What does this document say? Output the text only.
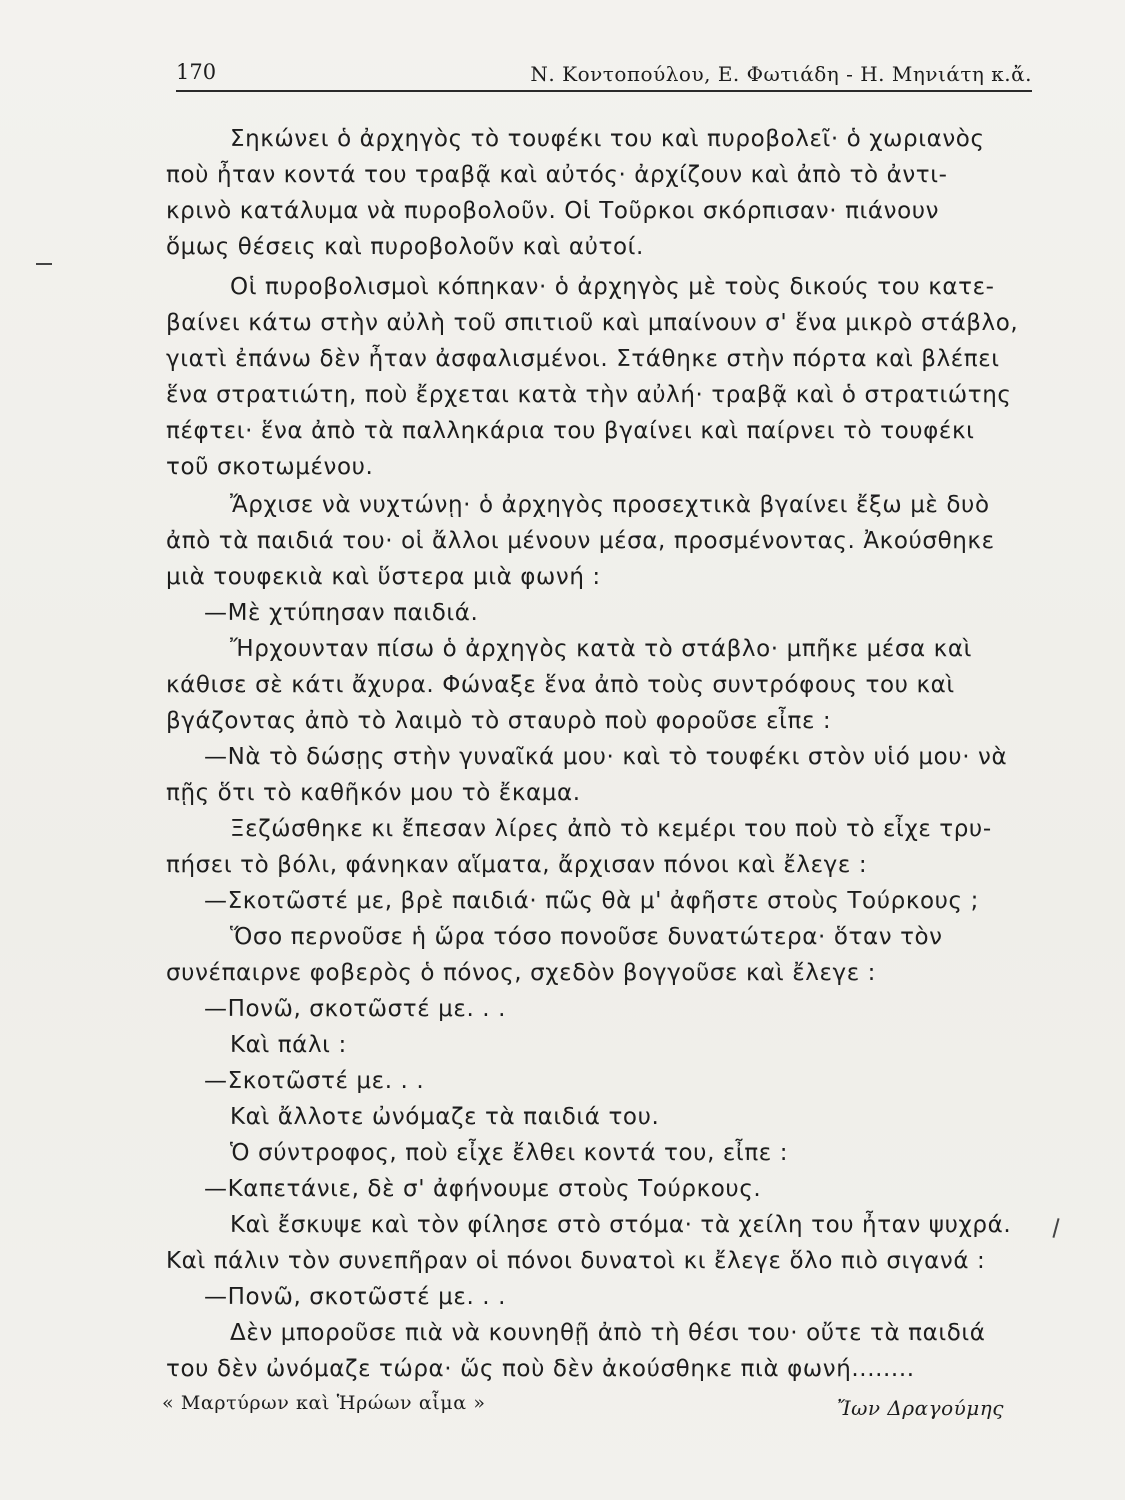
170	Ν. Κοντοπούλου, Ε. Φωτιάδη - Η. Μηνιάτη κ.ἄ.
Σηκώνει ὁ ἀρχηγὸς τὸ τουφέκι του καὶ πυροβολεῖ· ὁ χωριανὸς
ποὺ ἦταν κοντά του τραβᾷ καὶ αὐτός· ἀρχίζουν καὶ ἀπὸ τὸ ἀντι-
κρινὸ κατάλυμα νὰ πυροβολοῦν. Οἱ Τοῦρκοι σκόρπισαν· πιάνουν
ὅμως θέσεις καὶ πυροβολοῦν καὶ αὐτοί.
Οἱ πυροβολισμοὶ κόπηκαν· ὁ ἀρχηγὸς μὲ τοὺς δικούς του κατε-
βαίνει κάτω στὴν αὐλὴ τοῦ σπιτιοῦ καὶ μπαίνουν σ' ἕνα μικρὸ στάβλο,
γιατὶ ἐπάνω δὲν ἦταν ἀσφαλισμένοι. Στάθηκε στὴν πόρτα καὶ βλέπει
ἕνα στρατιώτη, ποὺ ἔρχεται κατὰ τὴν αὐλή· τραβᾷ καὶ ὁ στρατιώτης
πέφτει· ἕνα ἀπὸ τὰ παλληκάρια του βγαίνει καὶ παίρνει τὸ τουφέκι
τοῦ σκοτωμένου.
Ἄρχισε νὰ νυχτώνῃ· ὁ ἀρχηγὸς προσεχτικὰ βγαίνει ἔξω μὲ δυὸ
ἀπὸ τὰ παιδιά του· οἱ ἄλλοι μένουν μέσα, προσμένοντας. Ἀκούσθηκε
μιὰ τουφεκιὰ καὶ ὕστερα μιὰ φωνή :
—Μὲ χτύπησαν παιδιά.
Ἤρχουνταν πίσω ὁ ἀρχηγὸς κατὰ τὸ στάβλο· μπῆκε μέσα καὶ
κάθισε σὲ κάτι ἄχυρα. Φώναξε ἕνα ἀπὸ τοὺς συντρόφους του καὶ
βγάζοντας ἀπὸ τὸ λαιμὸ τὸ σταυρὸ ποὺ φοροῦσε εἶπε :
—Νὰ τὸ δώσῃς στὴν γυναῖκά μου· καὶ τὸ τουφέκι στὸν υἱό μου· νὰ
πῇς ὅτι τὸ καθῆκόν μου τὸ ἔκαμα.
Ξεζώσθηκε κι ἔπεσαν λίρες ἀπὸ τὸ κεμέρι του ποὺ τὸ εἶχε τρυ-
πήσει τὸ βόλι, φάνηκαν αἵματα, ἄρχισαν πόνοι καὶ ἔλεγε :
—Σκοτῶστέ με, βρὲ παιδιά· πῶς θὰ μ' ἀφῆστε στοὺς Τούρκους ;
Ὅσο περνοῦσε ἡ ὥρα τόσο πονοῦσε δυνατώτερα· ὅταν τὸν
συνέπαιρνε φοβερὸς ὁ πόνος, σχεδὸν βογγοῦσε καὶ ἔλεγε :
—Πονῶ, σκοτῶστέ με. . .
Καὶ πάλι :
—Σκοτῶστέ με. . .
Καὶ ἄλλοτε ὠνόμαζε τὰ παιδιά του.
Ὁ σύντροφος, ποὺ εἶχε ἔλθει κοντά του, εἶπε :
—Καπετάνιε, δὲ σ' ἀφήνουμε στοὺς Τούρκους.
Καὶ ἔσκυψε καὶ τὸν φίλησε στὸ στόμα· τὰ χείλη του ἦταν ψυχρά.
Καὶ πάλιν τὸν συνεπῆραν οἱ πόνοι δυνατοὶ κι ἔλεγε ὅλο πιὸ σιγανά :
—Πονῶ, σκοτῶστέ με. . .
Δὲν μποροῦσε πιὰ νὰ κουνηθῇ ἀπὸ τὴ θέσι του· οὔτε τὰ παιδιά
του δὲν ὠνόμαζε τώρα· ὥς ποὺ δὲν ἀκούσθηκε πιὰ φωνή........
« Μαρτύρων καὶ Ἡρώων αἷμα »	Ἴων Δραγούμης
